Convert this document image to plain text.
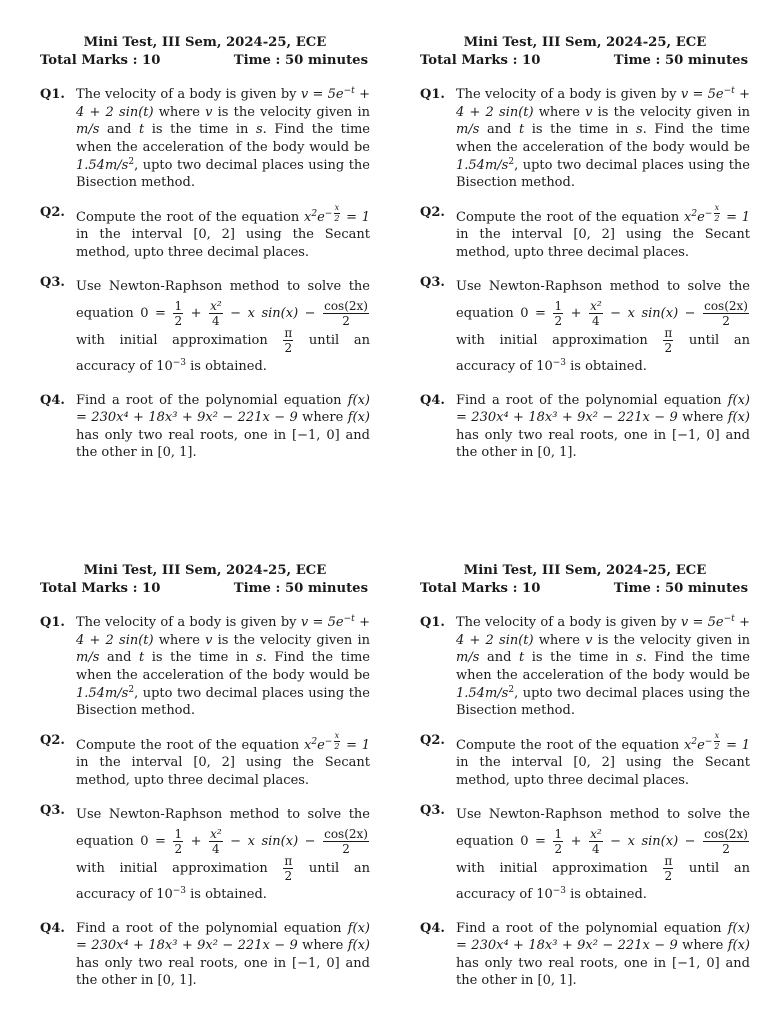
Mini Test, III Sem, 2024-25, ECE
Total Marks : 10	Time : 50 minutes
Q1. The velocity of a body is given by $v = 5e^{-t} + 4 + 2$ sin(t) where v is the velocity given in m/s and t is the time in s. Find the time when the acceleration of the body would be $1.54m/s^2$, upto two decimal places using the Bisection method.
Q2. Compute the root of the equation $x^2e^{- \frac{x}{2}} = 1$ in the interval [0, 2] using the Secant method, upto three decimal places.
Q3. Use Newton-Raphson method to solve the equation $0 = \frac{1}{2} + \frac{\text{x²}}{4} - x$ $\sin(x) - \frac{\cos(2x)}{2}$
with initial approximation $\frac{\pi}{2}$ until an accuracy of $10^{-3}$ is obtained.
Q4. Find a root of the polynomial equation f(x) = 230x⁴ + 18x³ + 9x² − 221x − 9 where f(x) has only two real roots, one in [−1, 0] and the other in [0, 1].
Mini Test, III Sem, 2024-25, ECE
Total Marks : 10	Time : 50 minutes
Q1. The velocity of a body is given by $v = 5e^{-t} + 4 + 2$ sin(t) where v is the velocity given in m/s and t is the time in s. Find the time when the acceleration of the body would be $1.54m/s^2$, upto two decimal places using the Bisection method.
Q2. Compute the root of the equation $x^2e^{- \frac{x}{2}} = 1$ in the interval [0, 2] using the Secant method, upto three decimal places.
Q3. Use Newton-Raphson method to solve the equation $0 = \frac{1}{2} + \frac{\text{x²}}{4} - x$ $\sin(x) - \frac{\cos(2x)}{2}$
with initial approximation $\frac{\pi}{2}$ until an accuracy of $10^{-3}$ is obtained.
Q4. Find a root of the polynomial equation f(x) = 230x⁴ + 18x³ + 9x² − 221x − 9 where f(x) has only two real roots, one in [−1, 0] and the other in [0, 1].
Mini Test, III Sem, 2024-25, ECE
Total Marks : 10	Time : 50 minutes
Q1. The velocity of a body is given by $v = 5e^{-t} + 4 + 2$ sin(t) where v is the velocity given in m/s and t is the time in s. Find the time when the acceleration of the body would be $1.54m/s^2$, upto two decimal places using the Bisection method.
Q2. Compute the root of the equation $x^2e^{- \frac{x}{2}} = 1$ in the interval [0, 2] using the Secant method, upto three decimal places.
Q3. Use Newton-Raphson method to solve the equation $0 = \frac{1}{2} + \frac{\text{x²}}{4} - x$ $\sin(x) - \frac{\cos(2x)}{2}$
with initial approximation $\frac{\pi}{2}$ until an accuracy of $10^{-3}$ is obtained.
Q4. Find a root of the polynomial equation f(x) = 230x⁴ + 18x³ + 9x² − 221x − 9 where f(x) has only two real roots, one in [−1, 0] and the other in [0, 1].
Mini Test, III Sem, 2024-25, ECE
Total Marks : 10	Time : 50 minutes
Q1. The velocity of a body is given by $v = 5e^{-t} + 4 + 2$ sin(t) where v is the velocity given in m/s and t is the time in s. Find the time when the acceleration of the body would be $1.54m/s^2$, upto two decimal places using the Bisection method.
Q2. Compute the root of the equation $x^2e^{- \frac{x}{2}} = 1$ in the interval [0, 2] using the Secant method, upto three decimal places.
Q3. Use Newton-Raphson method to solve the equation $0 = \frac{1}{2} + \frac{\text{x²}}{4} - x$ $\sin(x) - \frac{\cos(2x)}{2}$
with initial approximation $\frac{\pi}{2}$ until an accuracy of $10^{-3}$ is obtained.
Q4. Find a root of the polynomial equation f(x) = 230x⁴ + 18x³ + 9x² − 221x − 9 where f(x) has only two real roots, one in [−1, 0] and the other in [0, 1].
